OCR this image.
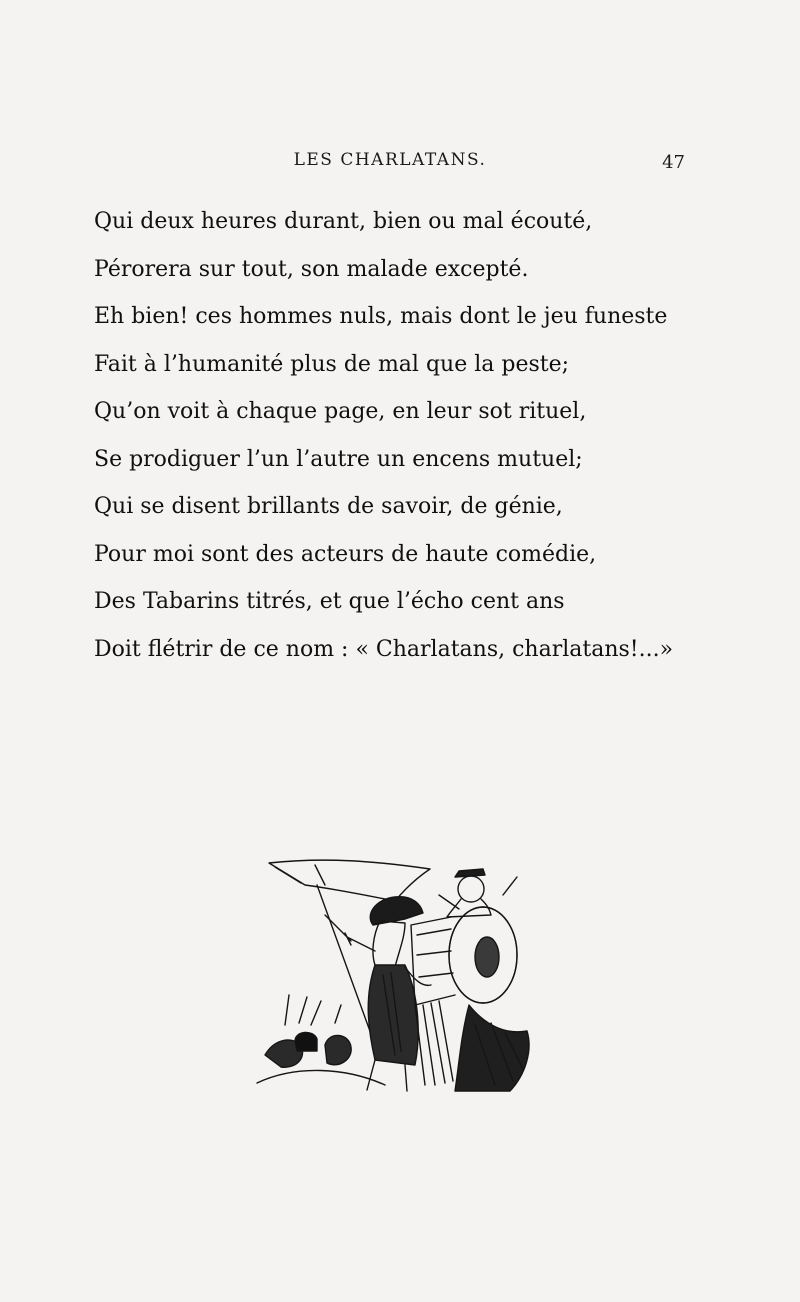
LES CHARLATANS.	47
Qui deux heures durant, bien ou mal écouté,
Pérorera sur tout, son malade excepté.
Eh bien! ces hommes nuls, mais dont le jeu funeste
Fait à l’humanité plus de mal que la peste;
Qu’on voit à chaque page, en leur sot rituel,
Se prodiguer l’un l’autre un encens mutuel;
Qui se disent brillants de savoir, de génie,
Pour moi sont des acteurs de haute comédie,
Des Tabarins titrés, et que l’écho cent ans
Doit flétrir de ce nom : « Charlatans, charlatans!...»
